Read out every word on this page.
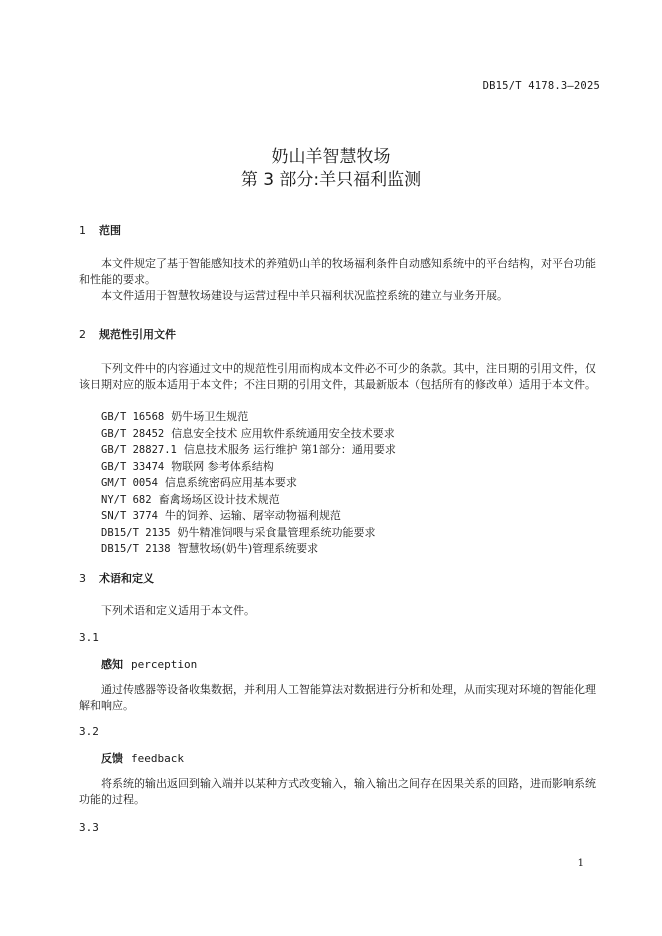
DB15/T 4178.3—2025
奶山羊智慧牧场
第 3 部分:羊只福利监测
1 范围

本文件规定了基于智能感知技术的养殖奶山羊的牧场福利条件自动感知系统中的平台结构，对平台功能和性能的要求。

本文件适用于智慧牧场建设与运营过程中羊只福利状况监控系统的建立与业务开展。

2 规范性引用文件

下列文件中的内容通过文中的规范性引用而构成本文件必不可少的条款。其中，注日期的引用文件，仅该日期对应的版本适用于本文件；不注日期的引用文件，其最新版本（包括所有的修改单）适用于本文件。

GB/T 16568 奶牛场卫生规范
GB/T 28452 信息安全技术 应用软件系统通用安全技术要求
GB/T 28827.1 信息技术服务 运行维护 第1部分：通用要求
GB/T 33474 物联网 参考体系结构
GM/T 0054 信息系统密码应用基本要求
NY/T 682 畜禽场场区设计技术规范
SN/T 3774 牛的饲养、运输、屠宰动物福利规范
DB15/T 2135 奶牛精准饲喂与采食量管理系统功能要求
DB15/T 2138 智慧牧场(奶牛)管理系统要求
3 术语和定义

下列术语和定义适用于本文件。

3.1
感知 perception

通过传感器等设备收集数据，并利用人工智能算法对数据进行分析和处理，从而实现对环境的智能化理解和响应。

3.2
反馈 feedback

将系统的输出返回到输入端并以某种方式改变输入，输入输出之间存在因果关系的回路，进而影响系统功能的过程。

3.3
1
